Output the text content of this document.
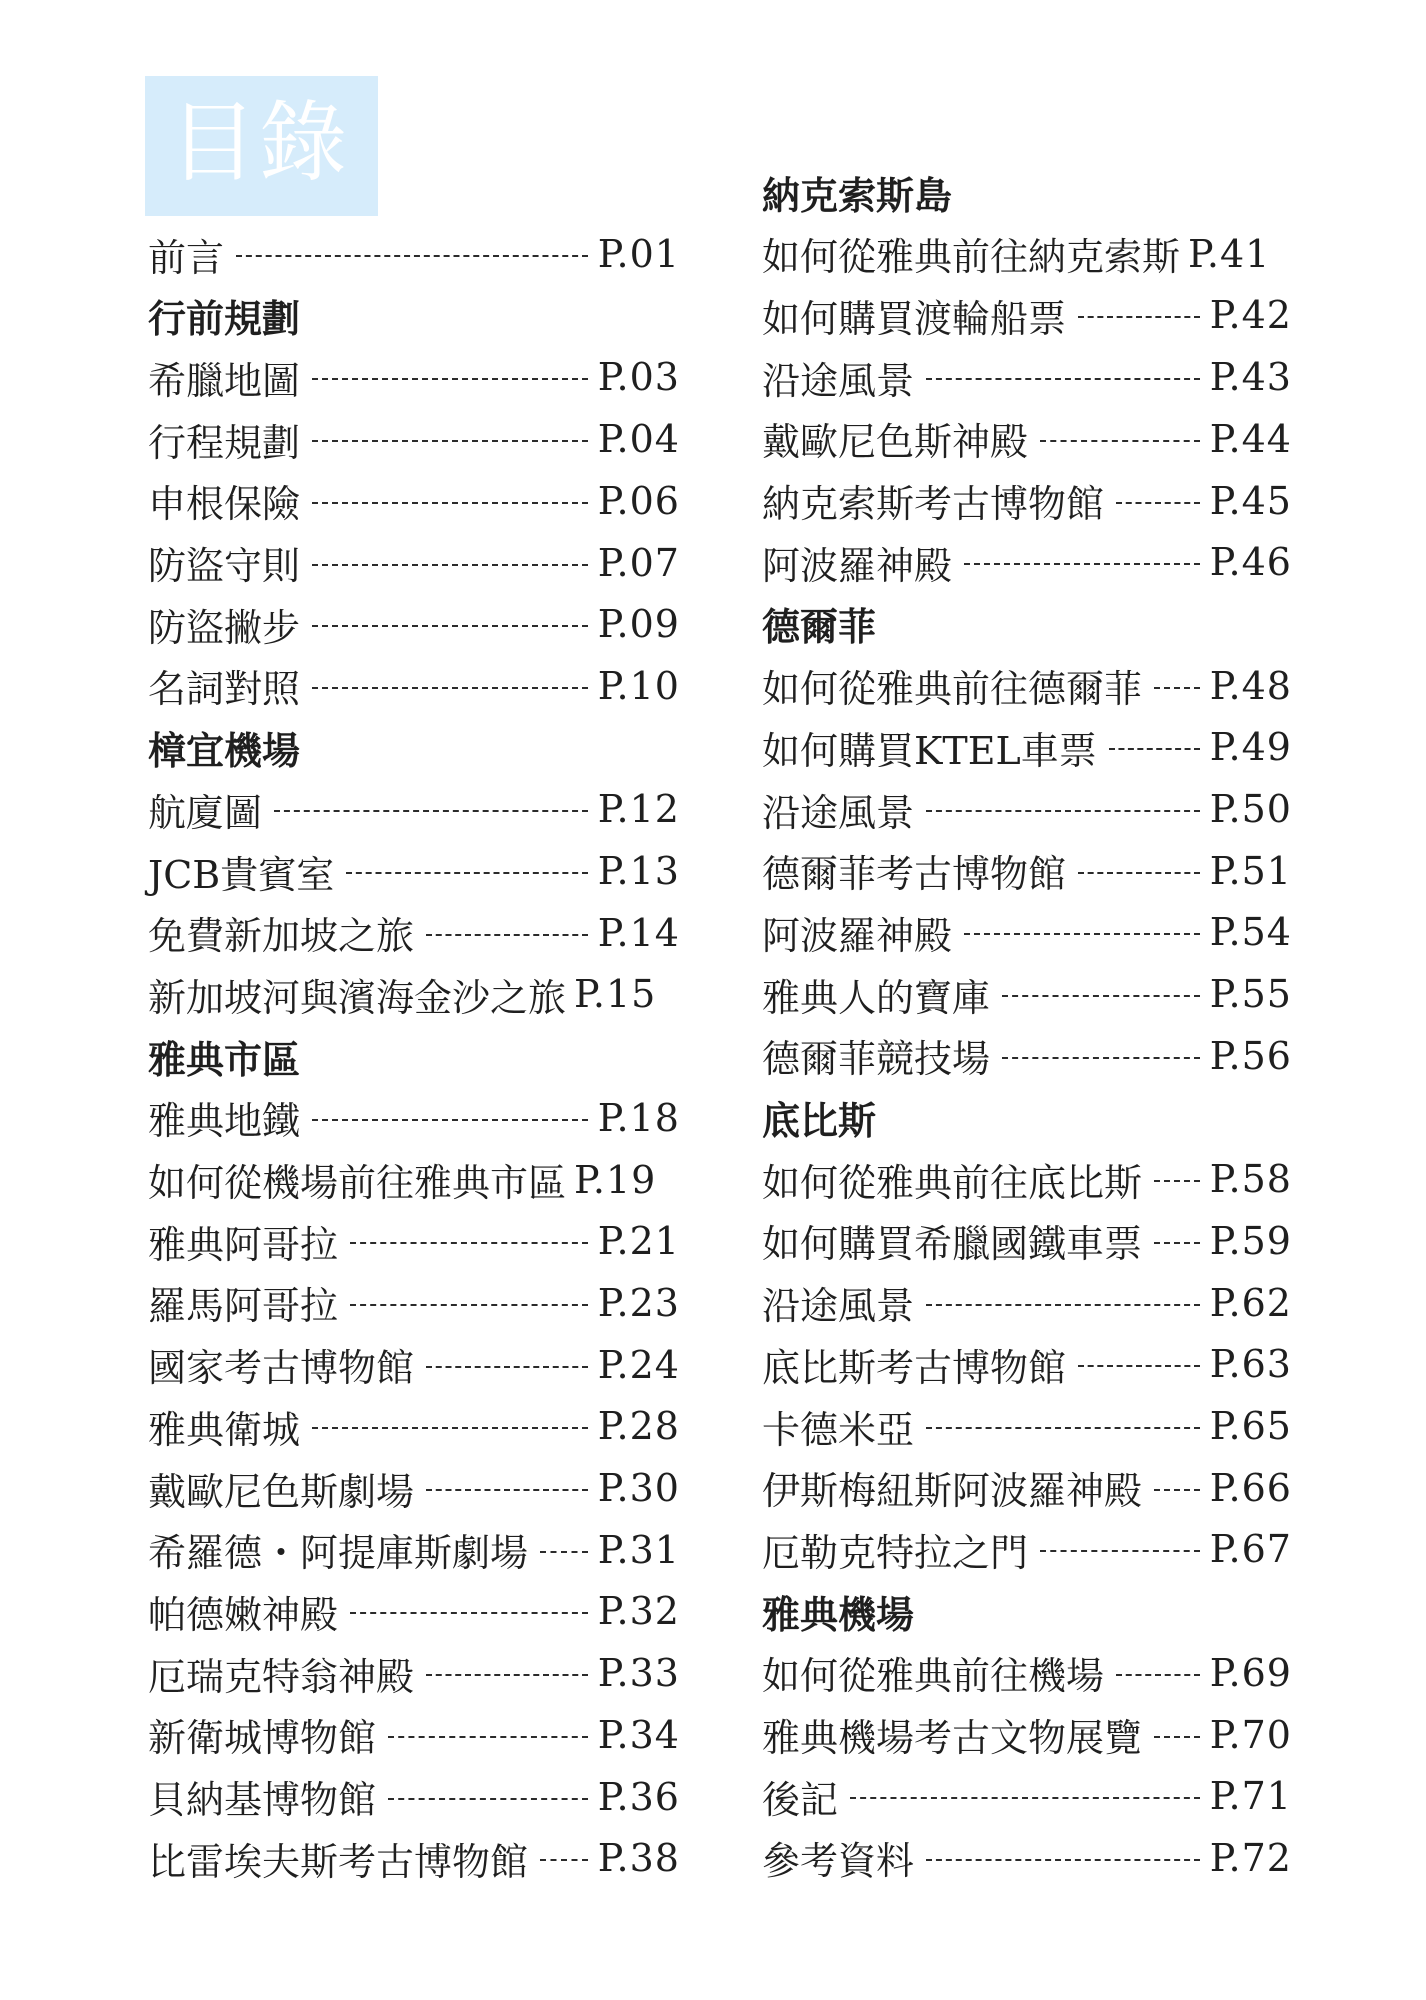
目錄
前言	P.01
行前規劃
希臘地圖	P.03
行程規劃	P.04
申根保險	P.06
防盜守則	P.07
防盜撇步	P.09
名詞對照	P.10
樟宜機場
航廈圖	P.12
JCB貴賓室	P.13
免費新加坡之旅	P.14
新加坡河與濱海金沙之旅 P.15
雅典市區
雅典地鐵	P.18
如何從機場前往雅典市區 P.19
雅典阿哥拉	P.21
羅馬阿哥拉	P.23
國家考古博物館	P.24
雅典衛城	P.28
戴歐尼色斯劇場	P.30
希羅德・阿提庫斯劇場 P.31
帕德嫩神殿	P.32
厄瑞克特翁神殿	P.33
新衛城博物館	P.34
貝納基博物館	P.36
比雷埃夫斯考古博物館 P.38
納克索斯島
如何從雅典前往納克索斯 P.41
如何購買渡輪船票	P.42
沿途風景	P.43
戴歐尼色斯神殿	P.44
納克索斯考古博物館	P.45
阿波羅神殿	P.46
德爾菲
如何從雅典前往德爾菲 P.48
如何購買KTEL車票	P.49
沿途風景	P.50
德爾菲考古博物館	P.51
阿波羅神殿	P.54
雅典人的寶庫	P.55
德爾菲競技場	P.56
底比斯
如何從雅典前往底比斯 P.58
如何購買希臘國鐵車票 P.59
沿途風景	P.62
底比斯考古博物館	P.63
卡德米亞	P.65
伊斯梅紐斯阿波羅神殿 P.66
厄勒克特拉之門	P.67
雅典機場
如何從雅典前往機場	P.69
雅典機場考古文物展覽 P.70
後記	P.71
參考資料	P.72
